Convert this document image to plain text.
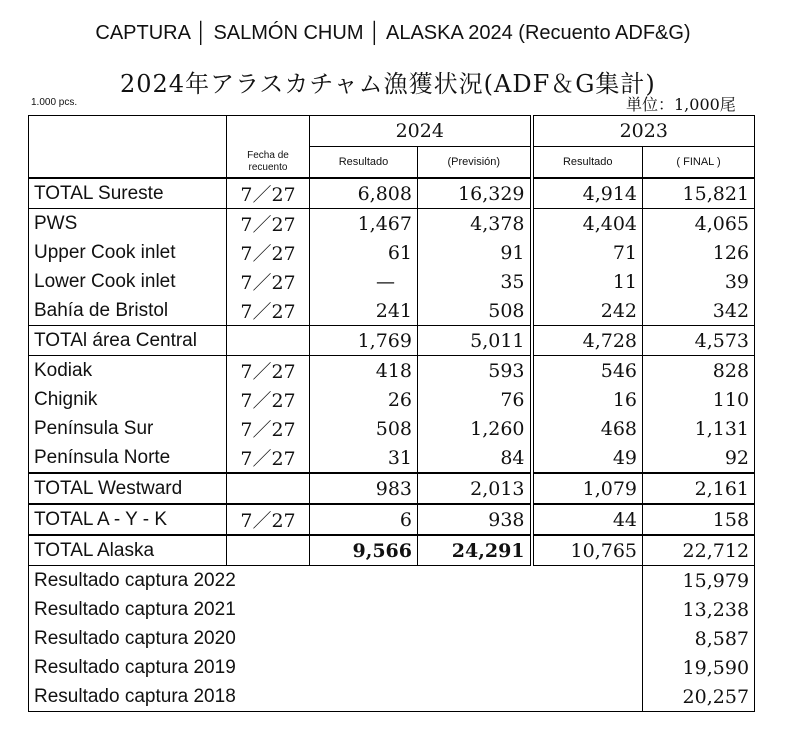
CAPTURA │ SALMÓN CHUM │ ALASKA 2024 (Recuento ADF&G)
2024年アラスカチャム漁獲状況(ADF＆G集計)
1.000 pcs.	単位：1,000尾
		2024		2023	
	Fecha de recuento	Resultado	(Previsión)	Resultado	( FINAL )
TOTAL Sureste	7／27	6,808	16,329	4,914	15,821
PWS	7／27	1,467	4,378	4,404	4,065
Upper Cook inlet	7／27	61	91	71	126
Lower Cook inlet	7／27	—	35	11	39
Bahía de Bristol	7／27	241	508	242	342
TOTAl área Central		1,769	5,011	4,728	4,573
Kodiak	7／27	418	593	546	828
Chignik	7／27	26	76	16	110
Península Sur	7／27	508	1,260	468	1,131
Península Norte	7／27	31	84	49	92
TOTAL Westward		983	2,013	1,079	2,161
TOTAL A - Y - K	7／27	6	938	44	158
TOTAL Alaska		9,566	24,291	10,765	22,712
Resultado captura 2022					15,979
Resultado captura 2021					13,238
Resultado captura 2020					8,587
Resultado captura 2019					19,590
Resultado captura 2018					20,257
